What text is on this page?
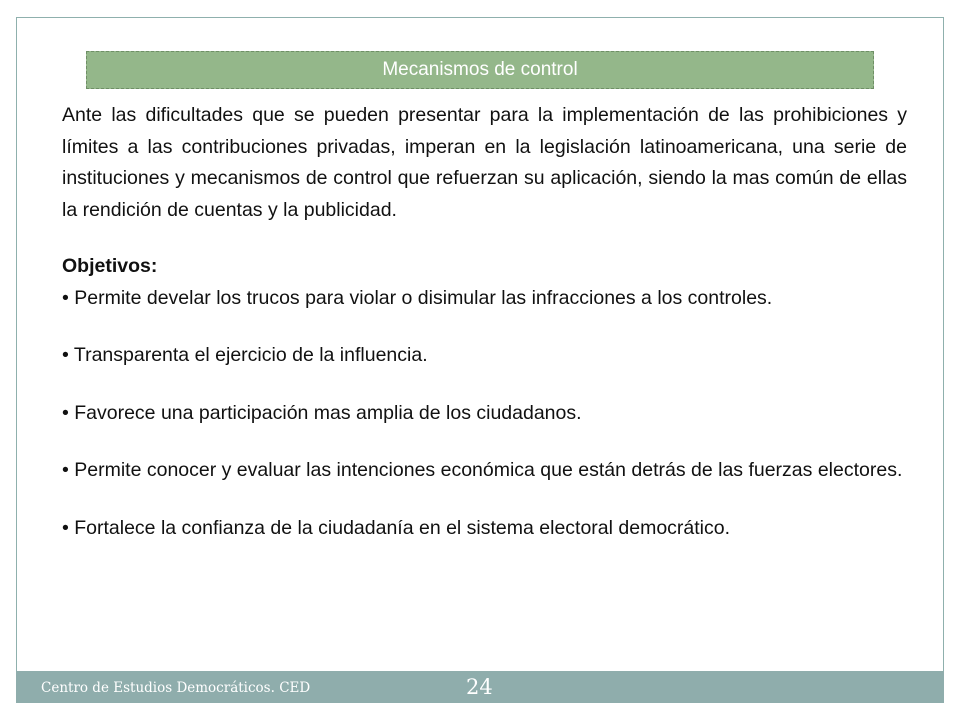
Mecanismos de control

Ante las dificultades que se pueden presentar para la implementación de las prohibiciones y límites a las contribuciones privadas, imperan en la legislación latinoamericana, una serie de instituciones y mecanismos de control que refuerzan su aplicación, siendo la mas común de ellas la rendición de cuentas y la publicidad.

Objetivos:

• Permite develar los trucos para violar o disimular las infracciones a los controles.

• Transparenta el ejercicio de la influencia.

• Favorece una participación mas amplia de los ciudadanos.

• Permite conocer y evaluar las intenciones económica que están detrás de las fuerzas electores.

• Fortalece la confianza de la ciudadanía en el sistema electoral democrático.

Centro de Estudios Democráticos. CED	24
